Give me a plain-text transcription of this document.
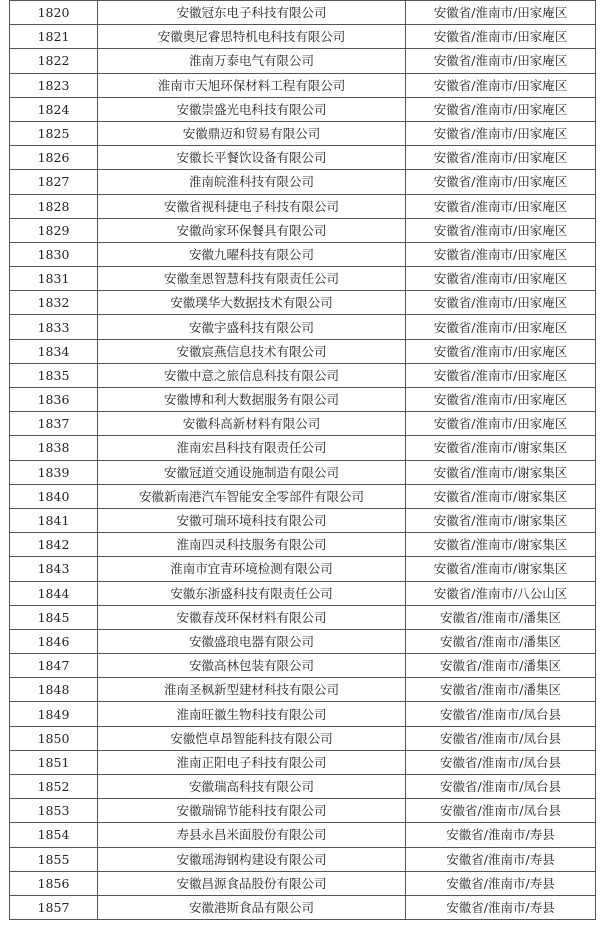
1820	安徽冠东电子科技有限公司	安徽省/淮南市/田家庵区
1821	安徽奥尼睿思特机电科技有限公司	安徽省/淮南市/田家庵区
1822	淮南万泰电气有限公司	安徽省/淮南市/田家庵区
1823	淮南市天旭环保材料工程有限公司	安徽省/淮南市/田家庵区
1824	安徽崇盛光电科技有限公司	安徽省/淮南市/田家庵区
1825	安徽鼎迈和贸易有限公司	安徽省/淮南市/田家庵区
1826	安徽长平餐饮设备有限公司	安徽省/淮南市/田家庵区
1827	淮南皖淮科技有限公司	安徽省/淮南市/田家庵区
1828	安徽省视科捷电子科技有限公司	安徽省/淮南市/田家庵区
1829	安徽尚家环保餐具有限公司	安徽省/淮南市/田家庵区
1830	安徽九曜科技有限公司	安徽省/淮南市/田家庵区
1831	安徽奎恩智慧科技有限责任公司	安徽省/淮南市/田家庵区
1832	安徽璞华大数据技术有限公司	安徽省/淮南市/田家庵区
1833	安徽宇盛科技有限公司	安徽省/淮南市/田家庵区
1834	安徽宸燕信息技术有限公司	安徽省/淮南市/田家庵区
1835	安徽中意之旅信息科技有限公司	安徽省/淮南市/田家庵区
1836	安徽博和利大数据服务有限公司	安徽省/淮南市/田家庵区
1837	安徽科高新材料有限公司	安徽省/淮南市/田家庵区
1838	淮南宏昌科技有限责任公司	安徽省/淮南市/谢家集区
1839	安徽冠道交通设施制造有限公司	安徽省/淮南市/谢家集区
1840	安徽新南港汽车智能安全零部件有限公司	安徽省/淮南市/谢家集区
1841	安徽可瑞环境科技有限公司	安徽省/淮南市/谢家集区
1842	淮南四灵科技服务有限公司	安徽省/淮南市/谢家集区
1843	淮南市宜青环境检测有限公司	安徽省/淮南市/谢家集区
1844	安徽东浙盛科技有限责任公司	安徽省/淮南市/八公山区
1845	安徽春茂环保材料有限公司	安徽省/淮南市/潘集区
1846	安徽盛琅电器有限公司	安徽省/淮南市/潘集区
1847	安徽高林包装有限公司	安徽省/淮南市/潘集区
1848	淮南圣枫新型建材科技有限公司	安徽省/淮南市/潘集区
1849	淮南旺徽生物科技有限公司	安徽省/淮南市/凤台县
1850	安徽恺卓昂智能科技有限公司	安徽省/淮南市/凤台县
1851	淮南正阳电子科技有限公司	安徽省/淮南市/凤台县
1852	安徽瑞高科技有限公司	安徽省/淮南市/凤台县
1853	安徽瑞锦节能科技有限公司	安徽省/淮南市/凤台县
1854	寿县永昌米面股份有限公司	安徽省/淮南市/寿县
1855	安徽瑶海钢构建设有限公司	安徽省/淮南市/寿县
1856	安徽昌源食品股份有限公司	安徽省/淮南市/寿县
1857	安徽港斯食品有限公司	安徽省/淮南市/寿县
